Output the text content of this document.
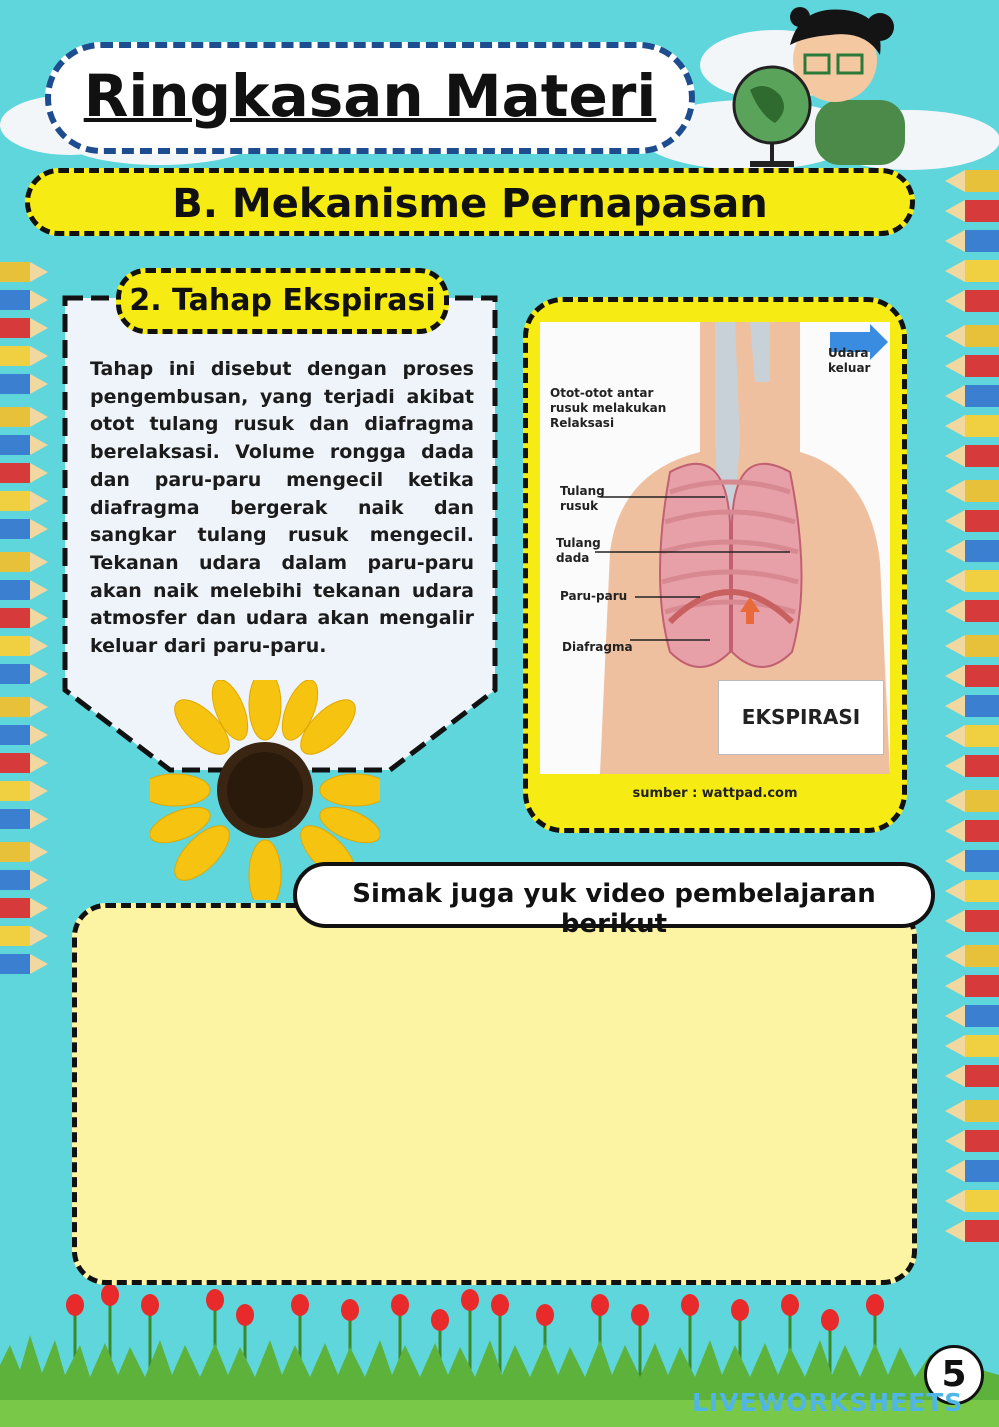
Ringkasan Materi
B. Mekanisme Pernapasan
2. Tahap Ekspirasi
Tahap ini disebut dengan proses pengembusan, yang terjadi akibat otot tulang rusuk dan diafragma berelaksasi. Volume rongga dada dan paru-paru mengecil ketika diafragma bergerak naik dan sangkar tulang rusuk mengecil. Tekanan udara dalam paru-paru akan naik melebihi tekanan udara atmosfer dan udara akan mengalir keluar dari paru-paru.
Udara keluar
Otot-otot antar rusuk melakukan Relaksasi
Tulang rusuk
Tulang dada
Paru-paru
Diafragma
EKSPIRASI
sumber : wattpad.com
Simak juga yuk video pembelajaran berikut
5
LIVEWORKSHEETS
